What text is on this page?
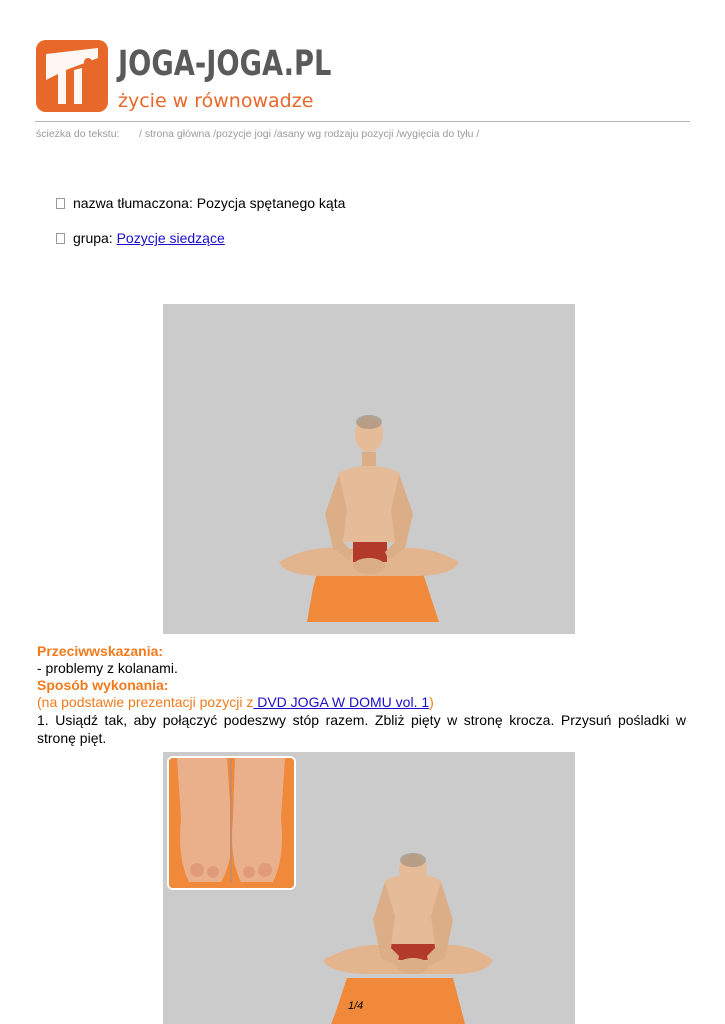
JOGA-JOGA.PL
życie w równowadze
ścieżka do tekstu: / strona główna /pozycje jogi /asany wg rodzaju pozycji /wygięcia do tyłu /
nazwa tłumaczona: Pozycja spętanego kąta
grupa: Pozycje siedzące
Przeciwwskazania:
- problemy z kolanami.
Sposób wykonania:
(na podstawie prezentacji pozycji z DVD JOGA W DOMU vol. 1)
1. Usiądź tak, aby połączyć podeszwy stóp razem. Zbliż pięty w stronę krocza. Przysuń pośladki w stronę pięt.
1/4
